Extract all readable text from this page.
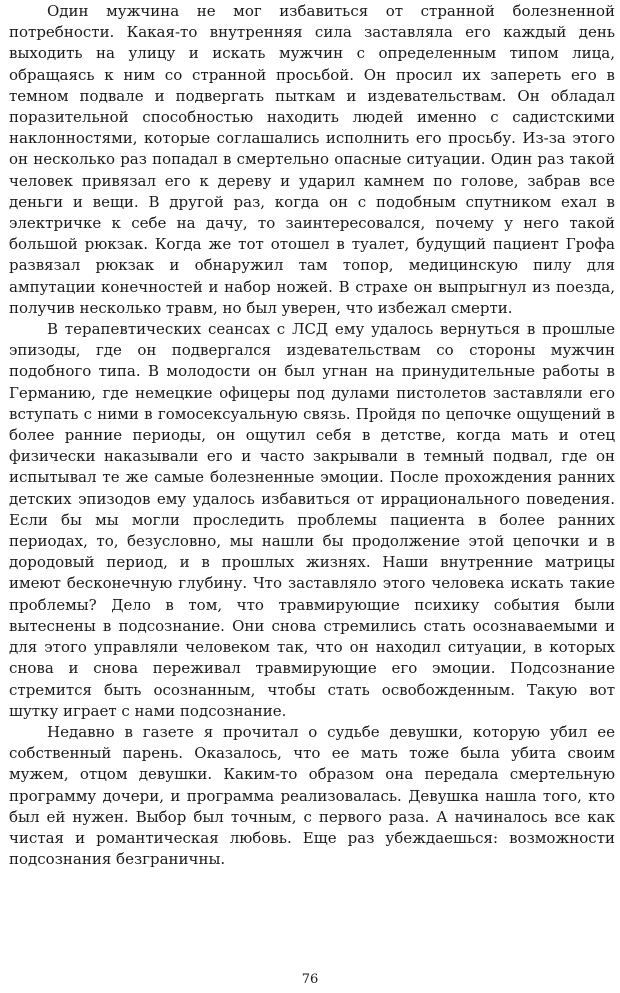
Один мужчина не мог избавиться от странной болезненной потребности. Какая-то внутренняя сила заставляла его каждый день выходить на улицу и искать мужчин с определенным типом лица, обращаясь к ним со странной просьбой. Он просил их запереть его в темном подвале и подвергать пыткам и издевательствам. Он обладал поразительной способностью находить людей именно с садистскими наклонностями, которые соглашались исполнить его просьбу. Из-за этого он несколько раз попадал в смертельно опасные ситуации. Один раз такой человек привязал его к дереву и ударил камнем по голове, забрав все деньги и вещи. В другой раз, когда он с подобным спутником ехал в электричке к себе на дачу, то заинтересовался, почему у него такой большой рюкзак. Когда же тот отошел в туалет, будущий пациент Грофа развязал рюкзак и обнаружил там топор, медицинскую пилу для ампутации конечностей и набор ножей. В страхе он выпрыгнул из поезда, получив несколько травм, но был уверен, что избежал смерти.

В терапевтических сеансах с ЛСД ему удалось вернуться в прошлые эпизоды, где он подвергался издевательствам со стороны мужчин подобного типа. В молодости он был угнан на принудительные работы в Германию, где немецкие офицеры под дулами пистолетов заставляли его вступать с ними в гомосексуальную связь. Пройдя по цепочке ощущений в более ранние периоды, он ощутил себя в детстве, когда мать и отец физически наказывали его и часто закрывали в темный подвал, где он испытывал те же самые болезненные эмоции. После прохождения ранних детских эпизодов ему удалось избавиться от иррационального поведения. Если бы мы могли проследить проблемы пациента в более ранних периодах, то, безусловно, мы нашли бы продолжение этой цепочки и в дородовый период, и в прошлых жизнях. Наши внутренние матрицы имеют бесконечную глубину. Что заставляло этого человека искать такие проблемы? Дело в том, что травмирующие психику события были вытеснены в подсознание. Они снова стремились стать осознаваемыми и для этого управляли человеком так, что он находил ситуации, в которых снова и снова переживал травмирующие его эмоции. Подсознание стремится быть осознанным, чтобы стать освобожденным. Такую вот шутку играет с нами подсознание.

Недавно в газете я прочитал о судьбе девушки, которую убил ее собственный парень. Оказалось, что ее мать тоже была убита своим мужем, отцом девушки. Каким-то образом она передала смертельную программу дочери, и программа реализовалась. Девушка нашла того, кто был ей нужен. Выбор был точным, с первого раза. А начиналось все как чистая и романтическая любовь. Еще раз убеждаешься: возможности подсознания безграничны.

76
